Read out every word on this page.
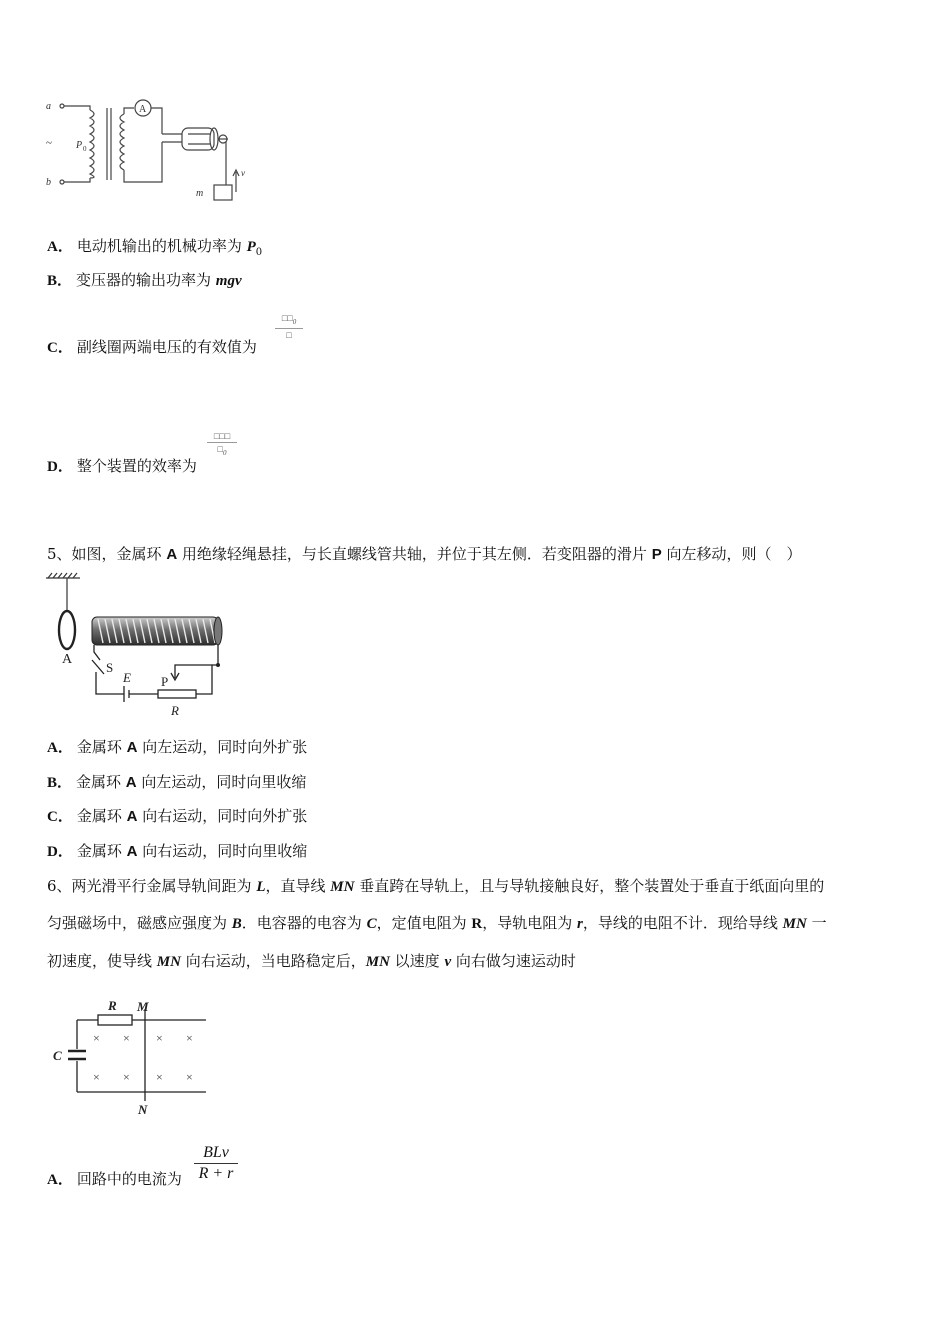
a
~
b
P 0
A
m
v
A． 电动机输出的机械功率为 $P_0$
B． 变压器的输出功率为 mgv
C． 副线圈两端电压的有效值为
$□□_0$
□
D． 整个装置的效率为
□□□
$□_0$
5、如图，金属环 A 用绝缘轻绳悬挂，与长直螺线管共轴，并位于其左侧．若变阻器的滑片 P 向左移动，则（　）
A
S
E P
R
A． 金属环 A 向左运动，同时向外扩张
B． 金属环 A 向左运动，同时向里收缩
C． 金属环 A 向右运动，同时向外扩张
D． 金属环 A 向右运动，同时向里收缩
6、两光滑平行金属导轨间距为 L，直导线 MN 垂直跨在导轨上，且与导轨接触良好，整个装置处于垂直于纸面向里的
匀强磁场中，磁感应强度为 B．电容器的电容为 C，定值电阻为 R，导轨电阻为 r，导线的电阻不计．现给导线 MN 一
初速度，使导线 MN 向右运动，当电路稳定后，MN 以速度 v 向右做匀速运动时
R M
C
N
× × × ×
× × × ×
A． 回路中的电流为
BLv
R + r
